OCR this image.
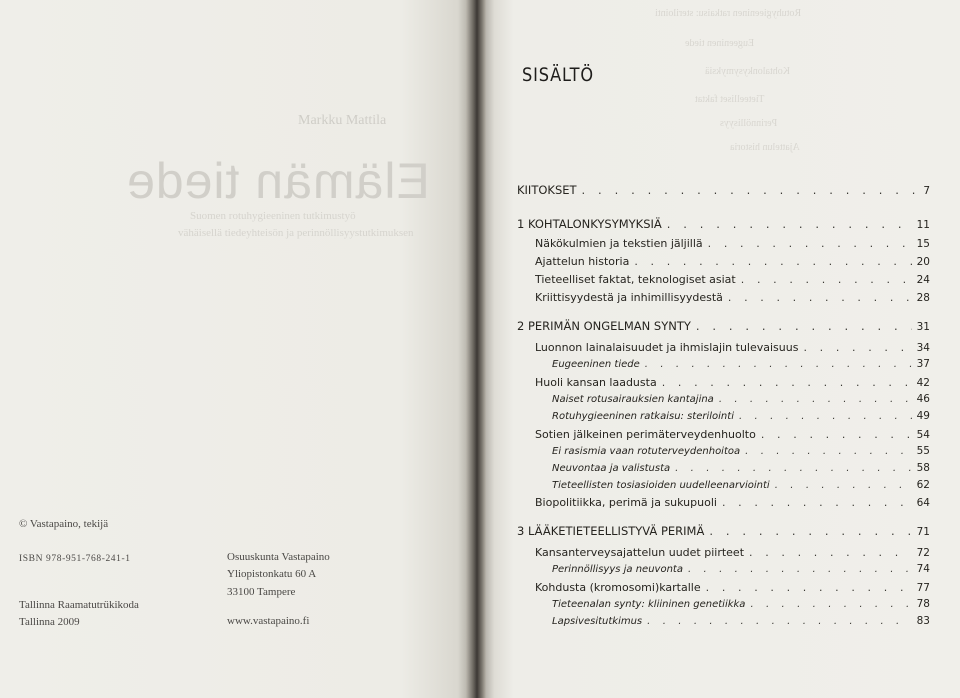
Markku Mattila
Elämän tiede
Suomen rotuhygieeninen tutkimustyö
vähäisellä tiedeyhteisön ja perinnöllisyystutkimuksen
© Vastapaino, tekijä
ISBN 978-951-768-241-1
Tallinna Raamatutrükikoda
Tallinna 2009
Osuuskunta Vastapaino
Yliopistonkatu 60 A
33100 Tampere
www.vastapaino.fi
Rotuhygieeninen ratkaisu: sterilointi
Eugeeninen tiede
Kohtalonkysymyksiä
Tieteelliset faktat
Perinnöllisyys
Ajattelun historia
SISÄLTÖ
KIITOKSET . . .	7
1 KOHTALONKYSYMYKSIÄ . . .	11
Näkökulmien ja tekstien jäljillä . . .	15
Ajattelun historia . . .	20
Tieteelliset faktat, teknologiset asiat . . .	24
Kriittisyydestä ja inhimillisyydestä . . .	28
2 PERIMÄN ONGELMAN SYNTY . . .	31
Luonnon lainalaisuudet ja ihmislajin tulevaisuus . . .	34
Eugeeninen tiede . . .	37
Huoli kansan laadusta . . .	42
Naiset rotusairauksien kantajina . . .	46
Rotuhygieeninen ratkaisu: sterilointi . . .	49
Sotien jälkeinen perimäterveydenhuolto . . .	54
Ei rasismia vaan rotuterveydenhoitoa . . .	55
Neuvontaa ja valistusta . . .	58
Tieteellisten tosiasioiden uudelleenarviointi . . .	62
Biopolitiikka, perimä ja sukupuoli . . .	64
3 LÄÄKETIETEELLISTYVÄ PERIMÄ . . .	71
Kansanterveysajattelun uudet piirteet . . .	72
Perinnöllisyys ja neuvonta . . .	74
Kohdusta (kromosomi)kartalle . . .	77
Tieteenalan synty: kliininen genetiikka . . .	78
Lapsivesitutkimus . . .	83
